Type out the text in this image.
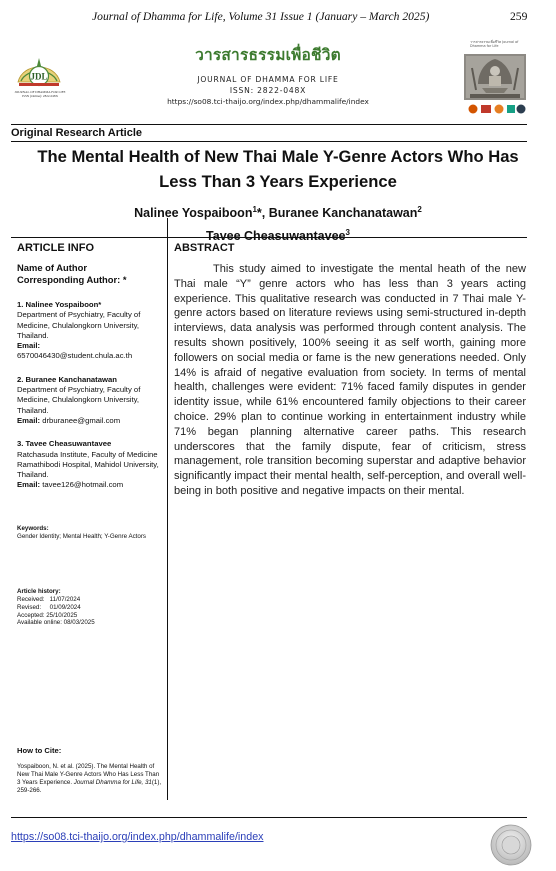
Journal of Dhamma for Life, Volume 31 Issue 1 (January – March 2025)	259
JDL
JOURNAL OF DHAMMA FOR LIFE ISSN (Online): 2822-048X
วารสารธรรมเพื่อชีวิต
JOURNAL OF DHAMMA FOR LIFE
ISSN: 2822-048X
https://so08.tci-thaijo.org/index.php/dhammalife/index
วารสารธรรมเพื่อชีวิต Journal of Dhamma for Life
Original Research Article
The Mental Health of New Thai Male Y-Genre Actors Who Has Less Than 3 Years Experience
Nalinee Yospaiboon$^1$*, Buranee Kanchanatawan$^2$
Tavee Cheasuwantavee$^3$
ARTICLE INFO	ABSTRACT
Name of Author
Corresponding Author: *
1. Nalinee Yospaiboon*
Department of Psychiatry, Faculty of Medicine, Chulalongkorn University, Thailand.
Email:
6570046430@student.chula.ac.th
2. Buranee Kanchanatawan
Department of Psychiatry, Faculty of Medicine, Chulalongkorn University, Thailand.
Email: drburanee@gmail.com
3. Tavee Cheasuwantavee
Ratchasuda Institute, Faculty of Medicine Ramathibodi Hospital, Mahidol University, Thailand.
Email: tavee126@hotmail.com
Keywords:
Gender Identity; Mental Health; Y-Genre Actors
Article history:
Received:   11/07/2024
Revised:     01/09/2024
Accepted: 25/10/2025
Available online: 08/03/2025
How to Cite:
Yospaiboon, N. et al. (2025). The Mental Health of New Thai Male Y-Genre Actors Who Has Less Than 3 Years Experience. Journal Dhamma for Life, 31(1), 259-266.

This study aimed to investigate the mental heath of the new Thai male “Y” genre actors who has less than 3 years acting experience. This qualitative research was conducted in 7 Thai male Y-genre actors based on literature reviews using semi-structured in-depth interviews, data analysis was performed through content analysis. The results shown positively, 100% seeing it as self worth, gaining more followers on social media or fame is the new generations needed. Only 14% is afraid of negative evaluation from society. In terms of mental health, challenges were evident: 71% faced family disputes in gender identity issue, while 61% encountered family objections to their career choice. 29% plan to continue working in entertainment industry while 71% began planning alternative career paths. This research underscores that the family dispute, fear of criticism, stress management, role transition becoming superstar and adaptive behavior significantly impact their mental health, self-perception, and overall well-being in both positive and negative impacts on their mental.

https://so08.tci-thaijo.org/index.php/dhammalife/index
